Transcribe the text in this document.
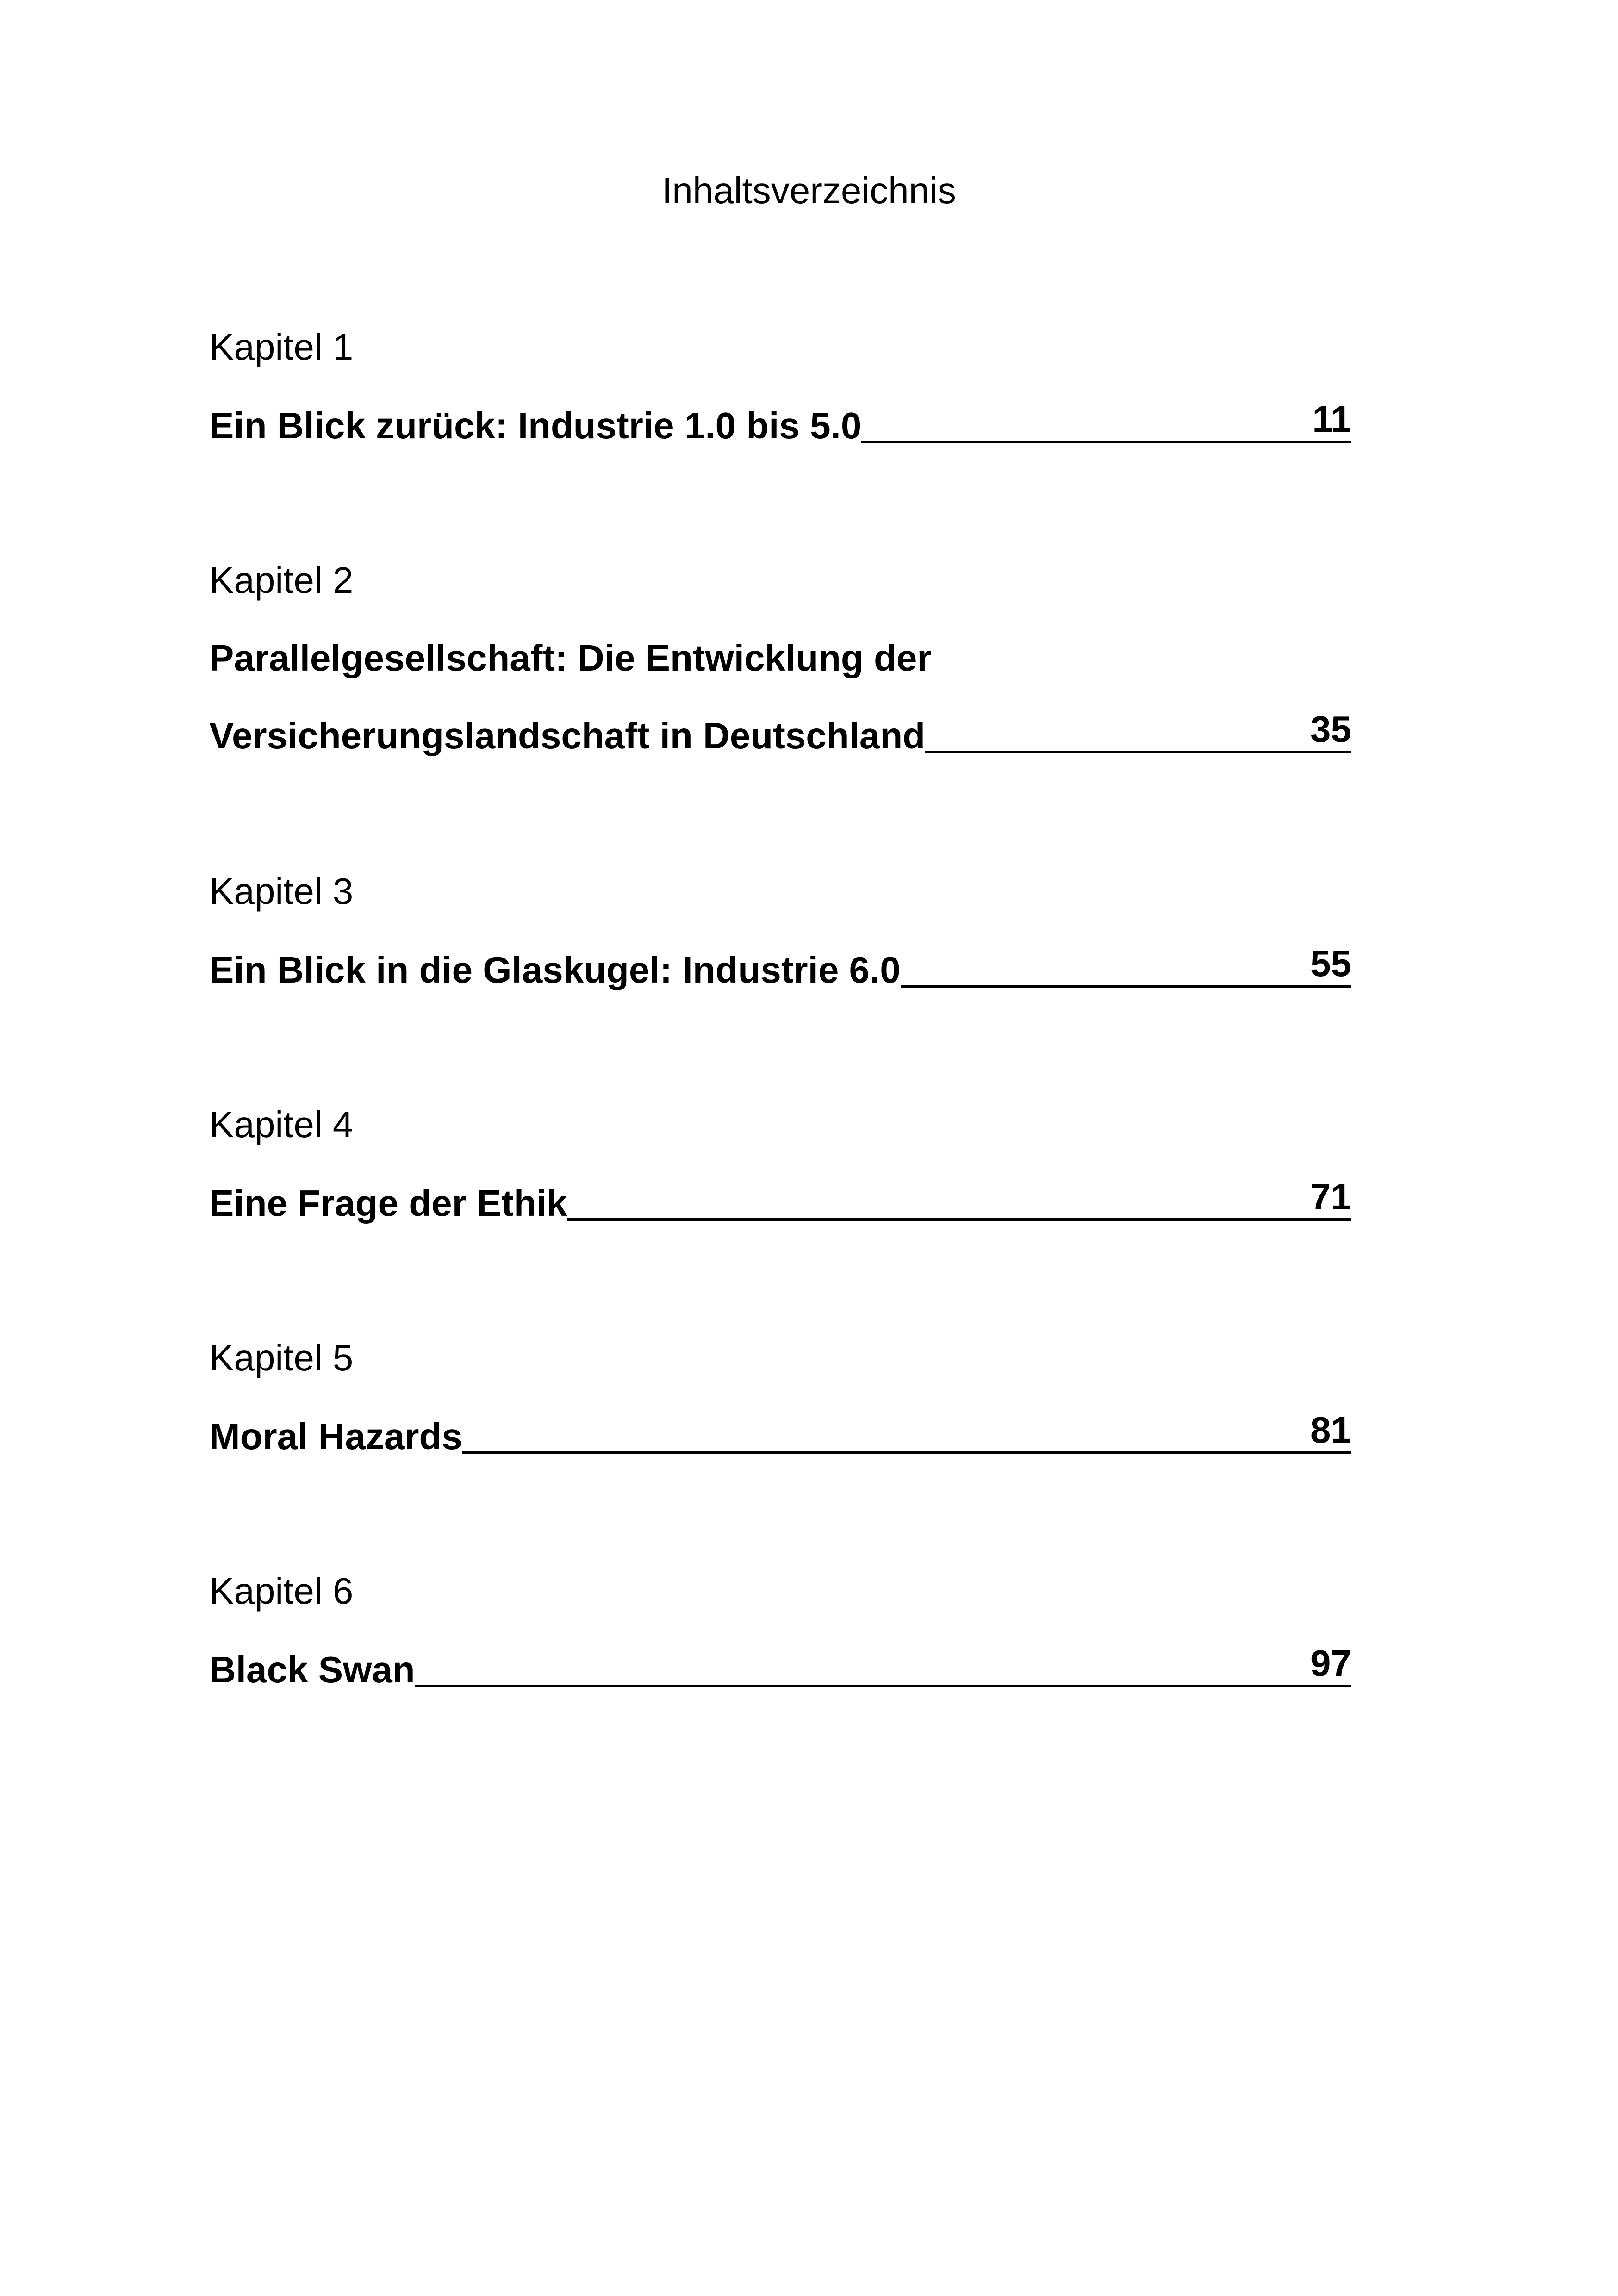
Inhaltsverzeichnis
Kapitel 1
Ein Blick zurück: Industrie 1.0 bis 5.0	11
Kapitel 2
Parallelgesellschaft: Die Entwicklung der
Versicherungslandschaft in Deutschland	35
Kapitel 3
Ein Blick in die Glaskugel: Industrie 6.0	55
Kapitel 4
Eine Frage der Ethik	71
Kapitel 5
Moral Hazards	81
Kapitel 6
Black Swan	97
